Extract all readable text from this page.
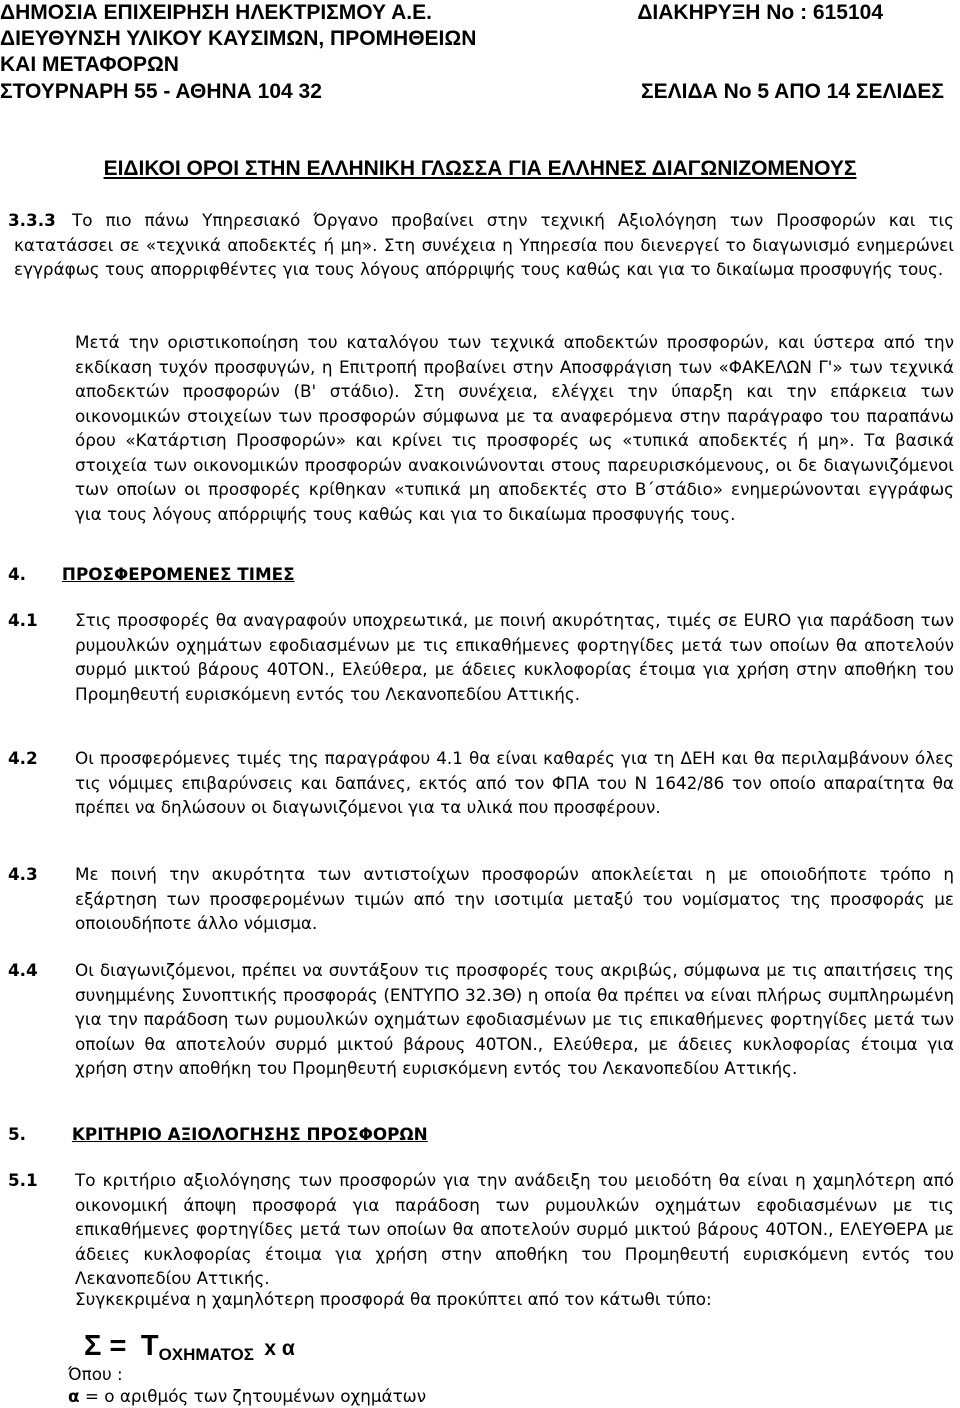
ΔΗΜΟΣΙΑ ΕΠΙΧΕΙΡΗΣΗ ΗΛΕΚΤΡΙΣΜΟΥ Α.Ε.
ΔΙΕΥΘΥΝΣΗ ΥΛΙΚΟΥ ΚΑΥΣΙΜΩΝ, ΠΡΟΜΗΘΕΙΩΝ
ΚΑΙ ΜΕΤΑΦΟΡΩΝ
ΣΤΟΥΡΝΑΡΗ 55 - ΑΘΗΝΑ 104 32
ΔΙΑΚΗΡΥΞΗ Νο : 615104
ΣΕΛΙΔΑ Νο 5 ΑΠΟ 14 ΣΕΛΙΔΕΣ
ΕΙΔΙΚΟΙ ΟΡΟΙ ΣΤΗΝ ΕΛΛΗΝΙΚΗ ΓΛΩΣΣΑ ΓΙΑ ΕΛΛΗΝΕΣ ΔΙΑΓΩΝΙΖΟΜΕΝΟΥΣ
3.3.3 Το πιο πάνω Υπηρεσιακό Όργανο προβαίνει στην τεχνική Αξιολόγηση των Προσφορών και τις κατατάσσει σε «τεχνικά αποδεκτές ή μη». Στη συνέχεια η Υπηρεσία που διενεργεί το διαγωνισμό ενημερώνει εγγράφως τους απορριφθέντες για τους λόγους απόρριψής τους καθώς και για το δικαίωμα προσφυγής τους.
Μετά την οριστικοποίηση του καταλόγου των τεχνικά αποδεκτών προσφορών, και ύστερα από την εκδίκαση τυχόν προσφυγών, η Επιτροπή προβαίνει στην Αποσφράγιση των «ΦΑΚΕΛΩΝ Γ'» των τεχνικά αποδεκτών προσφορών (Β' στάδιο). Στη συνέχεια, ελέγχει την ύπαρξη και την επάρκεια των οικονομικών στοιχείων των προσφορών σύμφωνα με τα αναφερόμενα στην παράγραφο του παραπάνω όρου «Κατάρτιση Προσφορών» και κρίνει τις προσφορές ως «τυπικά αποδεκτές ή μη». Τα βασικά στοιχεία των οικονομικών προσφορών ανακοινώνονται στους παρευρισκόμενους, οι δε διαγωνιζόμενοι των οποίων οι προσφορές κρίθηκαν «τυπικά μη αποδεκτές στο Β΄στάδιο» ενημερώνονται εγγράφως για τους λόγους απόρριψής τους καθώς και για το δικαίωμα προσφυγής τους.
4. ΠΡΟΣΦΕΡΟΜΕΝΕΣ ΤΙΜΕΣ
4.1 Στις προσφορές θα αναγραφούν υποχρεωτικά, με ποινή ακυρότητας, τιμές σε EURO για παράδοση των ρυμουλκών οχημάτων εφοδιασμένων με τις επικαθήμενες φορτηγίδες μετά των οποίων θα αποτελούν συρμό μικτού βάρους 40ΤΟΝ., Ελεύθερα, με άδειες κυκλοφορίας έτοιμα για χρήση στην αποθήκη του Προμηθευτή ευρισκόμενη εντός του Λεκανοπεδίου Αττικής.
4.2 Οι προσφερόμενες τιμές της παραγράφου 4.1 θα είναι καθαρές για τη ΔΕΗ και θα περιλαμβάνουν όλες τις νόμιμες επιβαρύνσεις και δαπάνες, εκτός από τον ΦΠΑ του Ν 1642/86 τον οποίο απαραίτητα θα πρέπει να δηλώσουν οι διαγωνιζόμενοι για τα υλικά που προσφέρουν.
4.3 Με ποινή την ακυρότητα των αντιστοίχων προσφορών αποκλείεται η με οποιοδήποτε τρόπο η εξάρτηση των προσφερομένων τιμών από την ισοτιμία μεταξύ του νομίσματος της προσφοράς με οποιουδήποτε άλλο νόμισμα.
4.4 Οι διαγωνιζόμενοι, πρέπει να συντάξουν τις προσφορές τους ακριβώς, σύμφωνα με τις απαιτήσεις της συνημμένης Συνοπτικής προσφοράς (ΕΝΤΥΠΟ 32.3Θ) η οποία θα πρέπει να είναι πλήρως συμπληρωμένη για την παράδοση των ρυμουλκών οχημάτων εφοδιασμένων με τις επικαθήμενες φορτηγίδες μετά των οποίων θα αποτελούν συρμό μικτού βάρους 40ΤΟΝ., Ελεύθερα, με άδειες κυκλοφορίας έτοιμα για χρήση στην αποθήκη του Προμηθευτή ευρισκόμενη εντός του Λεκανοπεδίου Αττικής.
5.	ΚΡΙΤΗΡΙΟ ΑΞΙΟΛΟΓΗΣΗΣ ΠΡΟΣΦΟΡΩΝ
5.1 Το κριτήριο αξιολόγησης των προσφορών για την ανάδειξη του μειοδότη θα είναι η χαμηλότερη από οικονομική άποψη προσφορά για παράδοση των ρυμουλκών οχημάτων εφοδιασμένων με τις επικαθήμενες φορτηγίδες μετά των οποίων θα αποτελούν συρμό μικτού βάρους 40ΤΟΝ., ΕΛΕΥΘΕΡΑ με άδειες κυκλοφορίας έτοιμα για χρήση στην αποθήκη του Προμηθευτή ευρισκόμενη εντός του Λεκανοπεδίου Αττικής.
Συγκεκριμένα η χαμηλότερη προσφορά θα προκύπτει από τον κάτωθι τύπο:
Σ = ΤΟΧΗΜΑΤΟΣ x α
Όπου :
α = ο αριθμός των ζητουμένων οχημάτων
